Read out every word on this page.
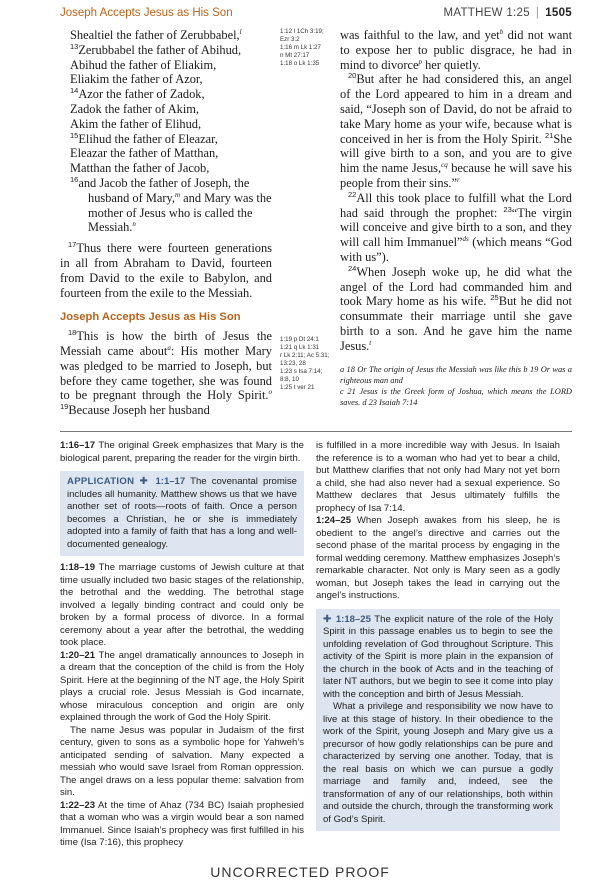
Joseph Accepts Jesus as His Son	MATTHEW 1:25 | 1505

Shealtiel the father of Zerubbabel,$^l$

$^{13}$Zerubbabel the father of Abihud,

Abihud the father of Eliakim,

Eliakim the father of Azor,

$^{14}$Azor the father of Zadok,

Zadok the father of Akim,

Akim the father of Elihud,

$^{15}$Elihud the father of Eleazar,

Eleazar the father of Matthan,

Matthan the father of Jacob,

$^{16}$and Jacob the father of Joseph, the husband of Mary,$^m$ and Mary was the mother of Jesus who is called the Messiah.$^n$

$^{17}$Thus there were fourteen generations in all from Abraham to David, fourteen from David to the exile to Babylon, and fourteen from the exile to the Messiah.

Joseph Accepts Jesus as His Son

$^{18}$This is how the birth of Jesus the Messiah came about$^a$: His mother Mary was pledged to be married to Joseph, but before they came together, she was found to be pregnant through the Holy Spirit.$^o$ $^{19}$Because Joseph her husband

1:12 l 1Ch 3:19;
Ezr 3:2
1:16 m Lk 1:27
n Mt 27:17
1:18 o Lk 1:35
1:19 p Dt 24:1
1:21 q Lk 1:31
r Lk 2:11; Ac 5:31;
13:23, 28
1:23 s Isa 7:14;
8:8, 10
1:25 t ver 21

was faithful to the law, and yet$^b$ did not want to expose her to public disgrace, he had in mind to divorce$^p$ her quietly.

$^{20}$But after he had considered this, an angel of the Lord appeared to him in a dream and said, “Joseph son of David, do not be afraid to take Mary home as your wife, because what is conceived in her is from the Holy Spirit. $^{21}$She will give birth to a son, and you are to give him the name Jesus,$^{cq}$ because he will save his people from their sins.”$^r$

$^{22}$All this took place to fulfill what the Lord had said through the prophet: $^{23}$“The virgin will conceive and give birth to a son, and they will call him Immanuel”$^{ds}$ (which means “God with us”).

$^{24}$When Joseph woke up, he did what the angel of the Lord had commanded him and took Mary home as his wife. $^{25}$But he did not consummate their marriage until she gave birth to a son. And he gave him the name Jesus.$^t$

a 18 Or The origin of Jesus the Messiah was like this b 19 Or was a righteous man and

c 21 Jesus is the Greek form of Joshua, which means the LORD saves. d 23 Isaiah 7:14

1:16–17 The original Greek emphasizes that Mary is the biological parent, preparing the reader for the virgin birth.

APPLICATION ✚ 1:1–17 The covenantal promise includes all humanity. Matthew shows us that we have another set of roots—roots of faith. Once a person becomes a Christian, he or she is immediately adopted into a family of faith that has a long and well-documented genealogy.

1:18–19 The marriage customs of Jewish culture at that time usually included two basic stages of the relationship, the betrothal and the wedding. The betrothal stage involved a legally binding contract and could only be broken by a formal process of divorce. In a formal ceremony about a year after the betrothal, the wedding took place.

1:20–21 The angel dramatically announces to Joseph in a dream that the conception of the child is from the Holy Spirit. Here at the beginning of the NT age, the Holy Spirit plays a crucial role. Jesus Messiah is God incarnate, whose miraculous conception and origin are only explained through the work of God the Holy Spirit.

The name Jesus was popular in Judaism of the first century, given to sons as a symbolic hope for Yahweh’s anticipated sending of salvation. Many expected a messiah who would save Israel from Roman oppression. The angel draws on a less popular theme: salvation from sin.

1:22–23 At the time of Ahaz (734 BC) Isaiah prophesied that a woman who was a virgin would bear a son named Immanuel. Since Isaiah’s prophecy was first fulfilled in his time (Isa 7:16), this prophecy

is fulfilled in a more incredible way with Jesus. In Isaiah the reference is to a woman who had yet to bear a child, but Matthew clarifies that not only had Mary not yet born a child, she had also never had a sexual experience. So Matthew declares that Jesus ultimately fulfills the prophecy of Isa 7:14.

1:24–25 When Joseph awakes from his sleep, he is obedient to the angel’s directive and carries out the second phase of the marital process by engaging in the formal wedding ceremony. Matthew emphasizes Joseph’s remarkable character. Not only is Mary seen as a godly woman, but Joseph takes the lead in carrying out the angel’s instructions.

✚ 1:18–25 The explicit nature of the role of the Holy Spirit in this passage enables us to begin to see the unfolding revelation of God throughout Scripture. This activity of the Spirit is more plain in the expansion of the church in the book of Acts and in the teaching of later NT authors, but we begin to see it come into play with the conception and birth of Jesus Messiah.

What a privilege and responsibility we now have to live at this stage of history. In their obedience to the work of the Spirit, young Joseph and Mary give us a precursor of how godly relationships can be pure and characterized by serving one another. Today, that is the real basis on which we can pursue a godly marriage and family and, indeed, see the transformation of any of our relationships, both within and outside the church, through the transforming work of God’s Spirit.

UNCORRECTED PROOF
